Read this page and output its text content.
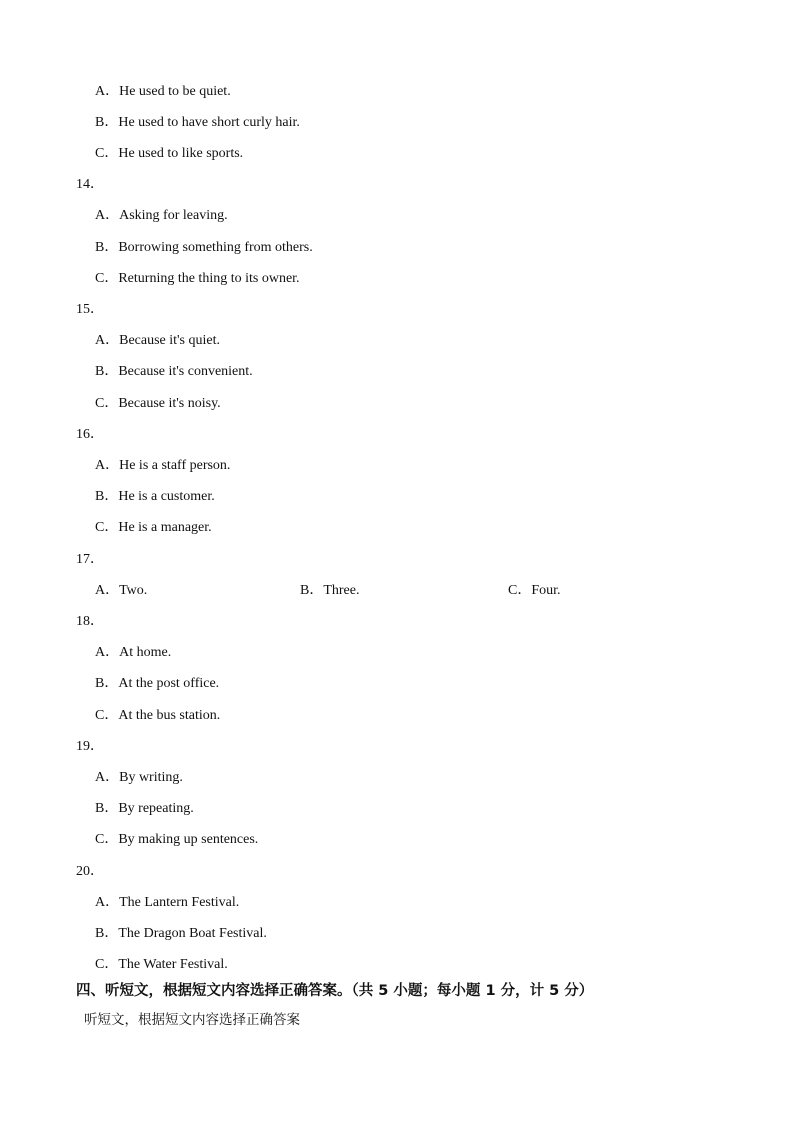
A．He used to be quiet.
B．He used to have short curly hair.
C．He used to like sports.
14．
A．Asking for leaving.
B．Borrowing something from others.
C．Returning the thing to its owner.
15．
A．Because it's quiet.
B．Because it's convenient.
C．Because it's noisy.
16．
A．He is a staff person.
B．He is a customer.
C．He is a manager.
17．
A．Two.	B．Three.	C．Four.
18．
A．At home.
B．At the post office.
C．At the bus station.
19．
A．By writing.
B．By repeating.
C．By making up sentences.
20．
A．The Lantern Festival.
B．The Dragon Boat Festival.
C．The Water Festival.
四、听短文，根据短文内容选择正确答案。（共 5 小题；每小题 1 分，计 5 分）
听短文，根据短文内容选择正确答案
